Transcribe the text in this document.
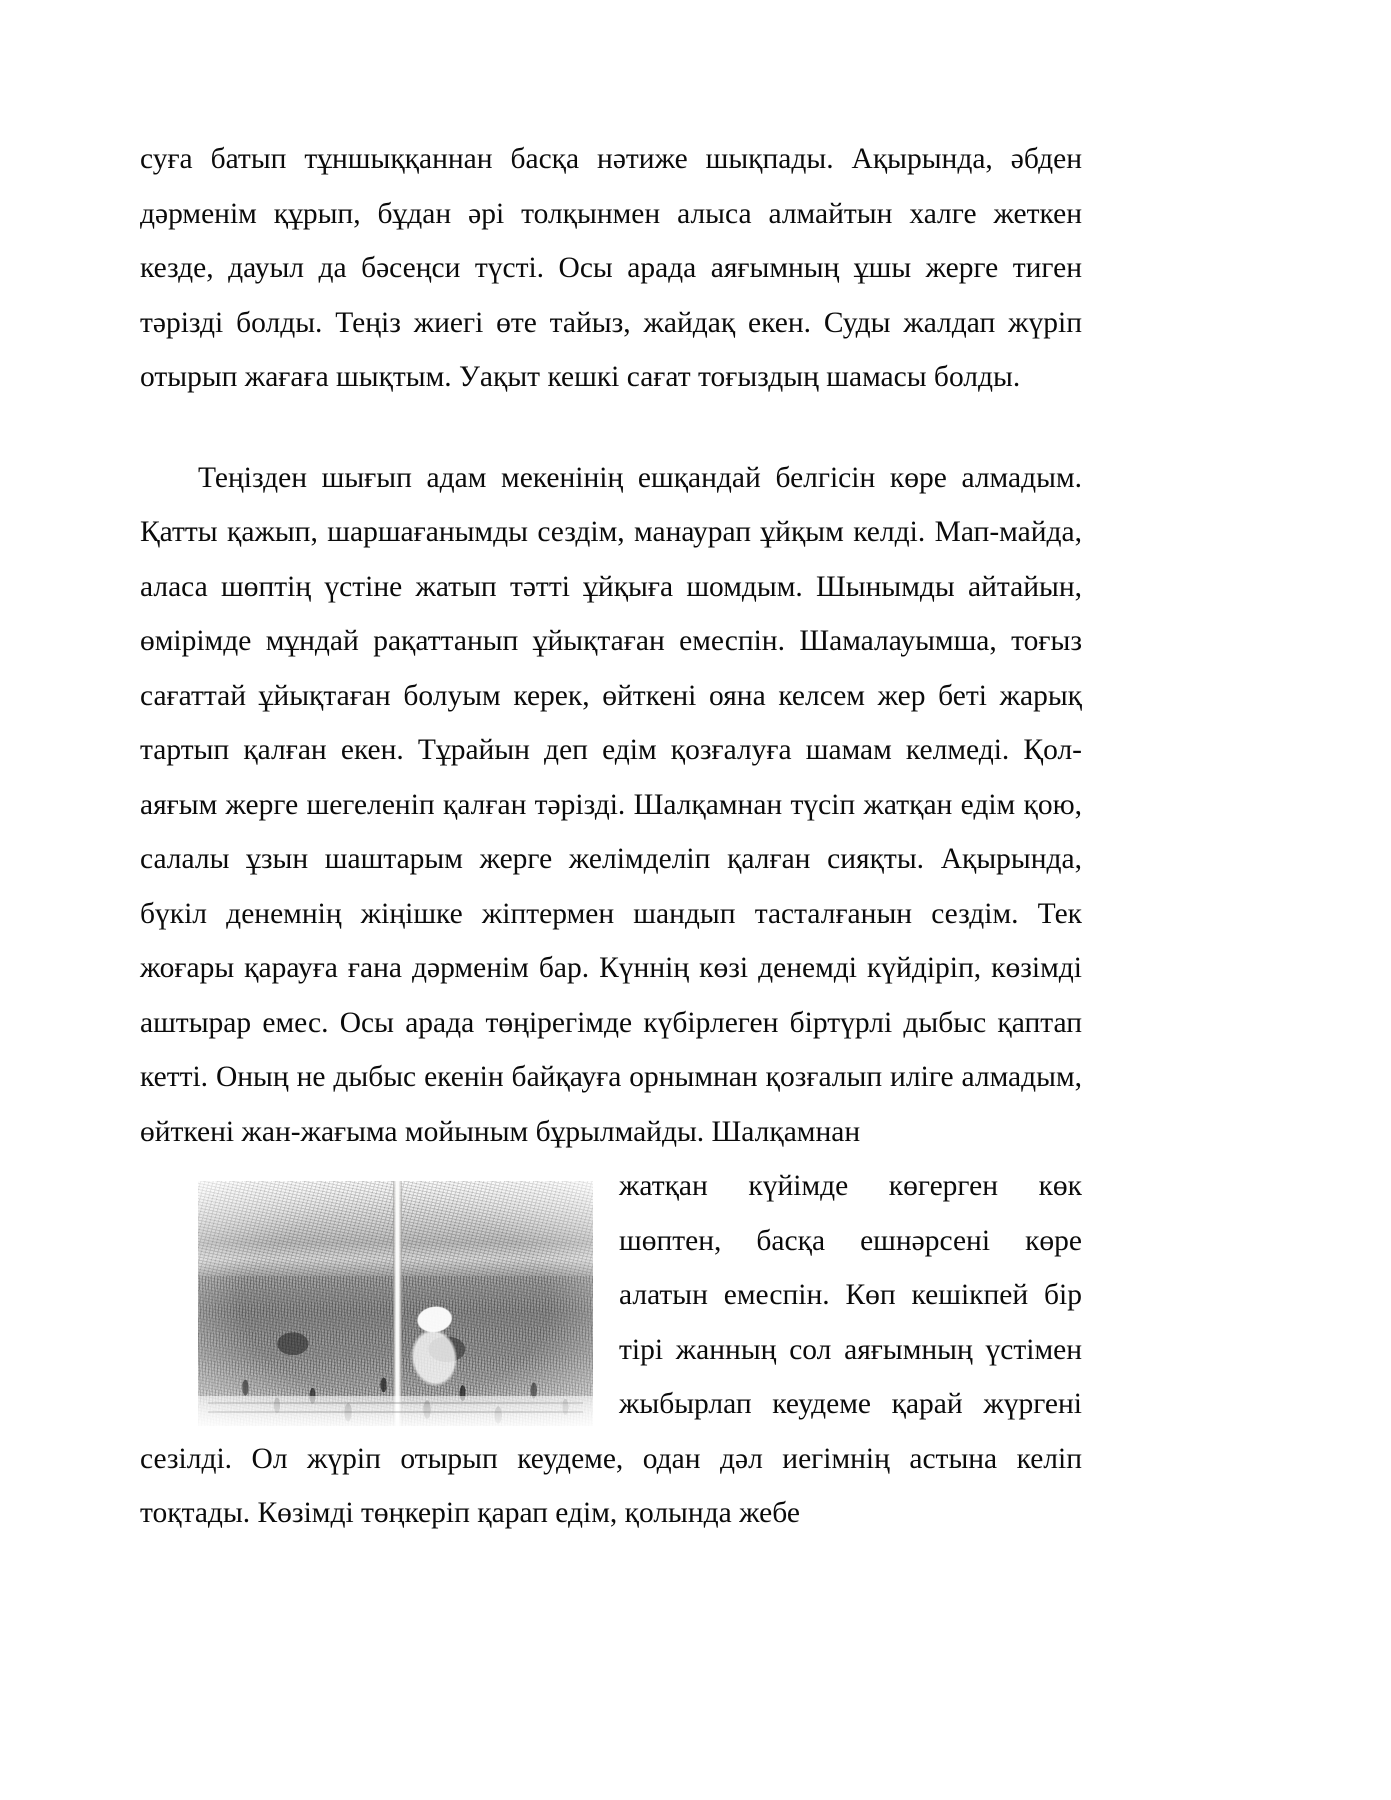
суға батып тұншыққаннан басқа нәтиже шықпады. Ақырында, әбден дәрменім құрып, бұдан әрі толқынмен алыса алмайтын халге жеткен кезде, дауыл да бәсеңси түсті. Осы арада аяғымның ұшы жерге тиген тәрізді болды. Теңіз жиегі өте тайыз, жайдақ екен. Суды жалдап жүріп отырып жағаға шықтым. Уақыт кешкі сағат тоғыздың шамасы болды.

Теңізден шығып адам мекенінің ешқандай белгісін көре алмадым. Қатты қажып, шаршағанымды сездім, манаурап ұйқым келді. Мап-майда, аласа шөптің үстіне жатып тәтті ұйқыға шомдым. Шынымды айтайын, өмірімде мұндай рақаттанып ұйықтаған емеспін. Шамалауымша, тоғыз сағаттай ұйықтаған болуым керек, өйткені ояна келсем жер беті жарық тартып қалған екен. Тұрайын деп едім қозғалуға шамам келмеді. Қол-аяғым жерге шегеленіп қалған тәрізді. Шалқамнан түсіп жатқан едім қою, салалы ұзын шаштарым жерге желімделіп қалған сияқты. Ақырында, бүкіл денемнің жіңішке жіптермен шандып тасталғанын сездім. Тек жоғары қарауға ғана дәрменім бар. Күннің көзі денемді күйдіріп, көзімді аштырар емес. Осы арада төңірегімде күбірлеген біртүрлі дыбыс қаптап кетті. Оның не дыбыс екенін байқауға орнымнан қозғалып иліге алмадым, өйткені жан-жағыма мойыным бұрылмайды. Шалқамнан

жатқан күйімде көгерген көк шөптен, басқа ешнәрсені көре алатын емеспін. Көп кешікпей бір тірі жанның сол аяғымның үстімен жыбырлап кеудеме қарай жүргені сезілді. Ол жүріп отырып кеудеме, одан дәл иегімнің астына келіп тоқтады. Көзімді төңкеріп қарап едім, қолында жебе
